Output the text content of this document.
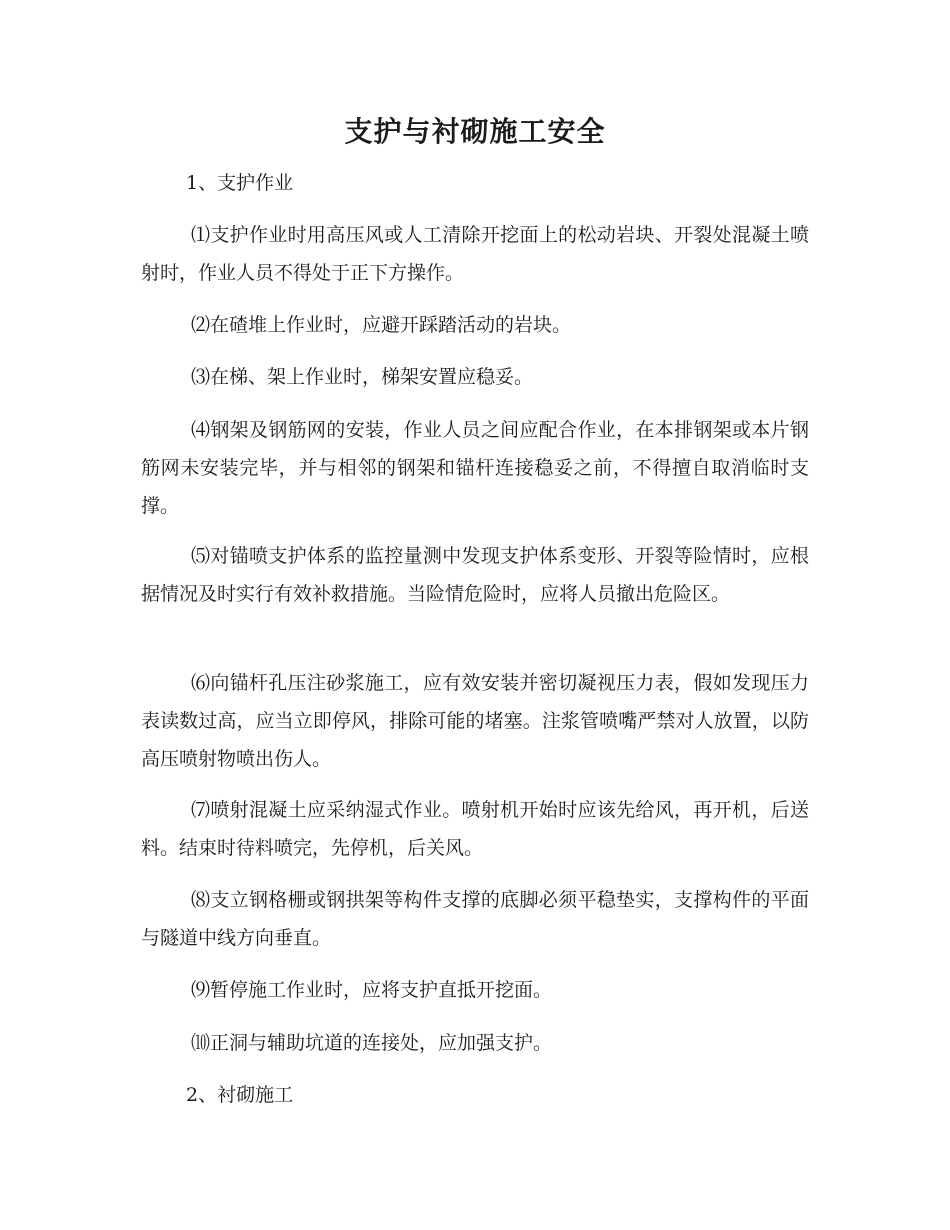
支护与衬砌施工安全
1、支护作业

⑴支护作业时用高压风或人工清除开挖面上的松动岩块、开裂处混凝土喷射时，作业人员不得处于正下方操作。

⑵在碴堆上作业时，应避开踩踏活动的岩块。

⑶在梯、架上作业时，梯架安置应稳妥。

⑷钢架及钢筋网的安装，作业人员之间应配合作业，在本排钢架或本片钢筋网未安装完毕，并与相邻的钢架和锚杆连接稳妥之前，不得擅自取消临时支撑。

⑸对锚喷支护体系的监控量测中发现支护体系变形、开裂等险情时，应根据情况及时实行有效补救措施。当险情危险时，应将人员撤出危险区。

⑹向锚杆孔压注砂浆施工，应有效安装并密切凝视压力表，假如发现压力表读数过高，应当立即停风，排除可能的堵塞。注浆管喷嘴严禁对人放置，以防高压喷射物喷出伤人。

⑺喷射混凝土应采纳湿式作业。喷射机开始时应该先给风，再开机，后送料。结束时待料喷完，先停机，后关风。

⑻支立钢格栅或钢拱架等构件支撑的底脚必须平稳垫实，支撑构件的平面与隧道中线方向垂直。

⑼暂停施工作业时，应将支护直抵开挖面。

⑽正洞与辅助坑道的连接处，应加强支护。

2、衬砌施工
